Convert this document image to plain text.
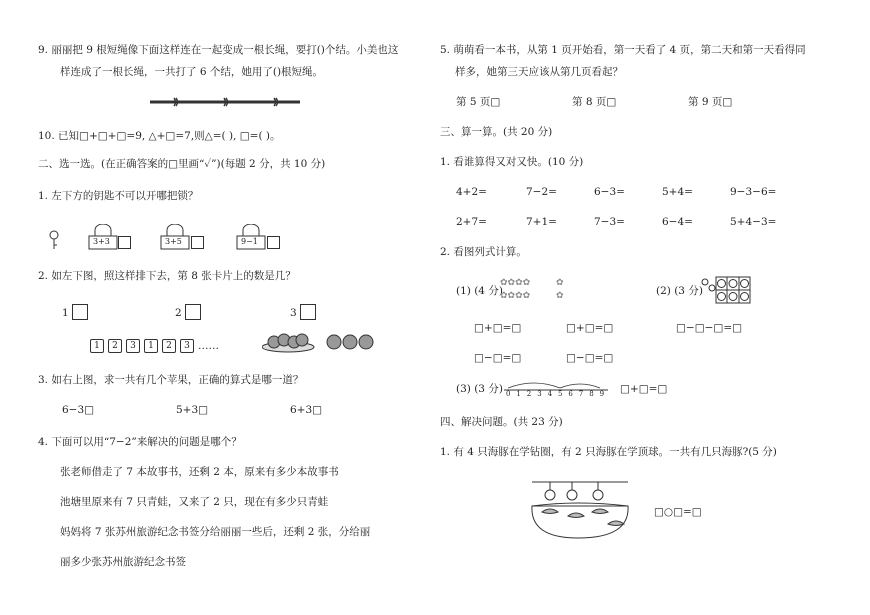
9. 丽丽把 9 根短绳像下面这样连在一起变成一根长绳，要打()个结。小美也这
样连成了一根长绳，一共打了 6 个结，她用了()根短绳。
10. 已知□+□+□=9, △+□=7,则△=( ), □=( )。
二、选一选。(在正确答案的□里画“✓”)(每题 2 分，共 10 分)
1. 左下方的钥匙不可以开哪把锁？
3+3	3+5	9−1
2. 如左下图，照这样排下去，第 8 张卡片上的数是几？
1	2	3
1	2	3	1	2	3 ……
3. 如右上图，求一共有几个苹果，正确的算式是哪一道？
6−3□	5+3□	6+3□
4. 下面可以用“7−2”来解决的问题是哪个？
张老师借走了 7 本故事书，还剩 2 本，原来有多少本故事书
池塘里原来有 7 只青蛙，又来了 2 只，现在有多少只青蛙
妈妈将 7 张苏州旅游纪念书签分给丽丽一些后，还剩 2 张，分给丽
丽多少张苏州旅游纪念书签
5. 萌萌看一本书，从第 1 页开始看，第一天看了 4 页，第二天和第一天看得同
样多，她第三天应该从第几页看起？
第 5 页□	第 8 页□	第 9 页□
三、算一算。(共 20 分)
1. 看谁算得又对又快。(10 分)
4+2=	7−2=	6−3=	5+4=	9−3−6=
2+7=	7+1=	7−3=	6−4=	5+4−3=
2. 看图列式计算。
(1) (4 分)
✿✿✿✿
✿✿✿✿
✿
✿	(2) (3 分)
□+□=□	□+□=□	□−□−□=□
□−□=□	□−□=□
(3) (3 分) 0 1 2 3 4 5 6 7 8 9 □+□=□
四、解决问题。(共 23 分)
1. 有 4 只海豚在学钻圈，有 2 只海豚在学顶球。一共有几只海豚?(5 分)
□○□=□
